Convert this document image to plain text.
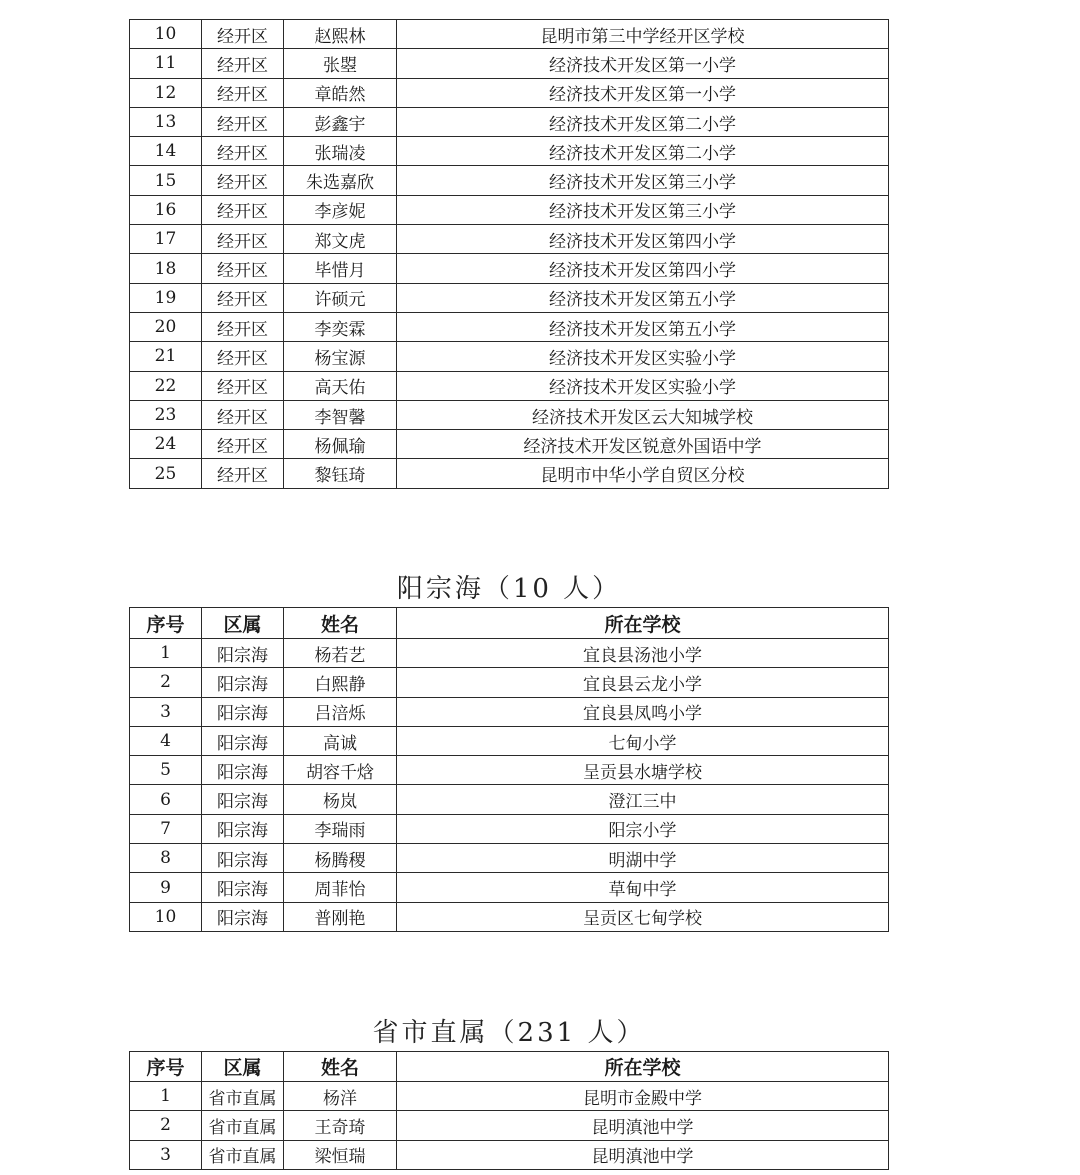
10	经开区	赵熙林	昆明市第三中学经开区学校
11	经开区	张曌	经济技术开发区第一小学
12	经开区	章皓然	经济技术开发区第一小学
13	经开区	彭鑫宇	经济技术开发区第二小学
14	经开区	张瑞凌	经济技术开发区第二小学
15	经开区	朱选嘉欣	经济技术开发区第三小学
16	经开区	李彦妮	经济技术开发区第三小学
17	经开区	郑文虎	经济技术开发区第四小学
18	经开区	毕惜月	经济技术开发区第四小学
19	经开区	许硕元	经济技术开发区第五小学
20	经开区	李奕霖	经济技术开发区第五小学
21	经开区	杨宝源	经济技术开发区实验小学
22	经开区	高天佑	经济技术开发区实验小学
23	经开区	李智馨	经济技术开发区云大知城学校
24	经开区	杨佩瑜	经济技术开发区锐意外国语中学
25	经开区	黎钰琦	昆明市中华小学自贸区分校
阳宗海（10 人）
序号	区属	姓名	所在学校
1	阳宗海	杨若艺	宜良县汤池小学
2	阳宗海	白熙静	宜良县云龙小学
3	阳宗海	吕涪烁	宜良县凤鸣小学
4	阳宗海	高诚	七甸小学
5	阳宗海	胡容千焓	呈贡县水塘学校
6	阳宗海	杨岚	澄江三中
7	阳宗海	李瑞雨	阳宗小学
8	阳宗海	杨腾稷	明湖中学
9	阳宗海	周菲怡	草甸中学
10	阳宗海	普刚艳	呈贡区七甸学校
省市直属（231 人）
序号	区属	姓名	所在学校
1	省市直属	杨洋	昆明市金殿中学
2	省市直属	王奇琦	昆明滇池中学
3	省市直属	梁恒瑞	昆明滇池中学
